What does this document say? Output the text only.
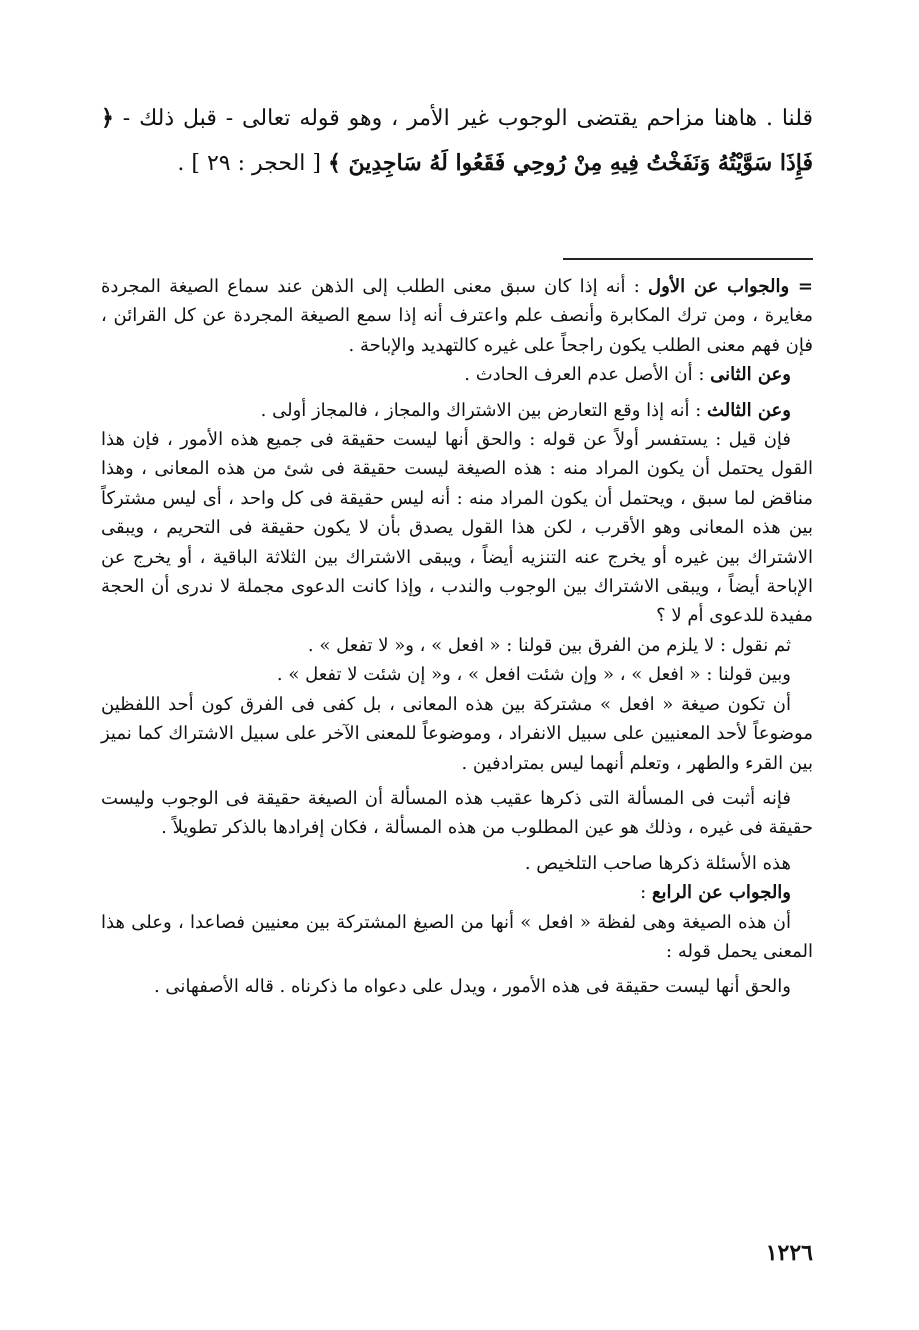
قلنا . هاهنا مزاحم يقتضى الوجوب غير الأمر ، وهو قوله تعالى - قبل ذلك - ﴿ فَإِذَا سَوَّيْتُهُ وَنَفَخْتُ فِيهِ مِنْ رُوحِي فَقَعُوا لَهُ سَاجِدِينَ ﴾ [ الحجر : ٢٩ ] .

= والجواب عن الأول : أنه إذا كان سبق معنى الطلب إلى الذهن عند سماع الصيغة المجردة مغايرة ، ومن ترك المكابرة وأنصف علم واعترف أنه إذا سمع الصيغة المجردة عن كل القرائن ، فإن فهم معنى الطلب يكون راجحاً على غيره كالتهديد والإباحة .

وعن الثانى : أن الأصل عدم العرف الحادث .

وعن الثالث : أنه إذا وقع التعارض بين الاشتراك والمجاز ، فالمجاز أولى .

فإن قيل : يستفسر أولاً عن قوله : والحق أنها ليست حقيقة فى جميع هذه الأمور ، فإن هذا القول يحتمل أن يكون المراد منه : هذه الصيغة ليست حقيقة فى شئ من هذه المعانى ، وهذا مناقض لما سبق ، ويحتمل أن يكون المراد منه : أنه ليس حقيقة فى كل واحد ، أى ليس مشتركاً بين هذه المعانى وهو الأقرب ، لكن هذا القول يصدق بأن لا يكون حقيقة فى التحريم ، ويبقى الاشتراك بين غيره أو يخرج عنه التنزيه أيضاً ، ويبقى الاشتراك بين الثلاثة الباقية ، أو يخرج عن الإباحة أيضاً ، ويبقى الاشتراك بين الوجوب والندب ، وإذا كانت الدعوى مجملة لا ندرى أن الحجة مفيدة للدعوى أم لا ؟

ثم نقول : لا يلزم من الفرق بين قولنا : « افعل » ، و« لا تفعل » .

وبين قولنا : « افعل » ، « وإن شئت افعل » ، و« إن شئت لا تفعل » .

أن تكون صيغة « افعل » مشتركة بين هذه المعانى ، بل كفى فى الفرق كون أحد اللفظين موضوعاً لأحد المعنيين على سبيل الانفراد ، وموضوعاً للمعنى الآخر على سبيل الاشتراك كما نميز بين القرء والطهر ، وتعلم أنهما ليس بمترادفين .

فإنه أثبت فى المسألة التى ذكرها عقيب هذه المسألة أن الصيغة حقيقة فى الوجوب وليست حقيقة فى غيره ، وذلك هو عين المطلوب من هذه المسألة ، فكان إفرادها بالذكر تطويلاً .

هذه الأسئلة ذكرها صاحب التلخيص .

والجواب عن الرابع :

أن هذه الصيغة وهى لفظة « افعل » أنها من الصيغ المشتركة بين معنيين فصاعدا ، وعلى هذا المعنى يحمل قوله :

والحق أنها ليست حقيقة فى هذه الأمور ، ويدل على دعواه ما ذكرناه . قاله الأصفهانى .

١٢٢٦
